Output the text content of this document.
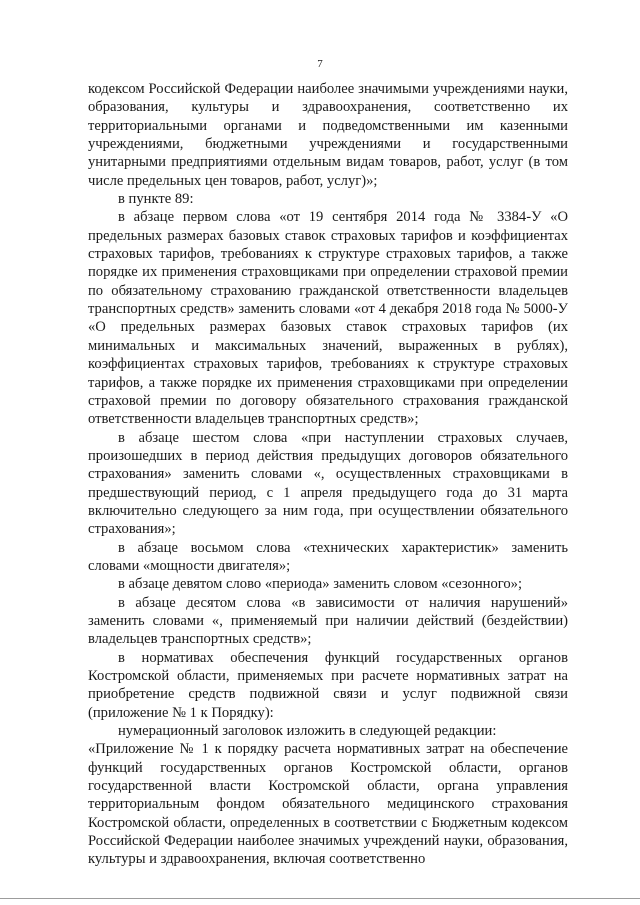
7

кодексом Российской Федерации наиболее значимыми учреждениями науки, образования, культуры и здравоохранения, соответственно их территориальными органами и подведомственными им казенными учреждениями, бюджетными учреждениями и государственными унитарными предприятиями отдельным видам товаров, работ, услуг (в том числе предельных цен товаров, работ, услуг)»;

в пункте 89:

в абзаце первом слова «от 19 сентября 2014 года № 3384-У «О предельных размерах базовых ставок страховых тарифов и коэффициентах страховых тарифов, требованиях к структуре страховых тарифов, а также порядке их применения страховщиками при определении страховой премии по обязательному страхованию гражданской ответственности владельцев транспортных средств» заменить словами «от 4 декабря 2018 года № 5000-У «О предельных размерах базовых ставок страховых тарифов (их минимальных и максимальных значений, выраженных в рублях), коэффициентах страховых тарифов, требованиях к структуре страховых тарифов, а также порядке их применения страховщиками при определении страховой премии по договору обязательного страхования гражданской ответственности владельцев транспортных средств»;

в абзаце шестом слова «при наступлении страховых случаев, произошедших в период действия предыдущих договоров обязательного страхования» заменить словами «, осуществленных страховщиками в предшествующий период, с 1 апреля предыдущего года до 31 марта включительно следующего за ним года, при осуществлении обязательного страхования»;

в абзаце восьмом слова «технических характеристик» заменить словами «мощности двигателя»;

в абзаце девятом слово «периода» заменить словом «сезонного»;

в абзаце десятом слова «в зависимости от наличия нарушений» заменить словами «, применяемый при наличии действий (бездействии) владельцев транспортных средств»;

в нормативах обеспечения функций государственных органов Костромской области, применяемых при расчете нормативных затрат на приобретение средств подвижной связи и услуг подвижной связи (приложение № 1 к Порядку):

нумерационный заголовок изложить в следующей редакции:

«Приложение № 1 к порядку расчета нормативных затрат на обеспечение функций государственных органов Костромской области, органов государственной власти Костромской области, органа управления территориальным фондом обязательного медицинского страхования Костромской области, определенных в соответствии с Бюджетным кодексом Российской Федерации наиболее значимых учреждений науки, образования, культуры и здравоохранения, включая соответственно
